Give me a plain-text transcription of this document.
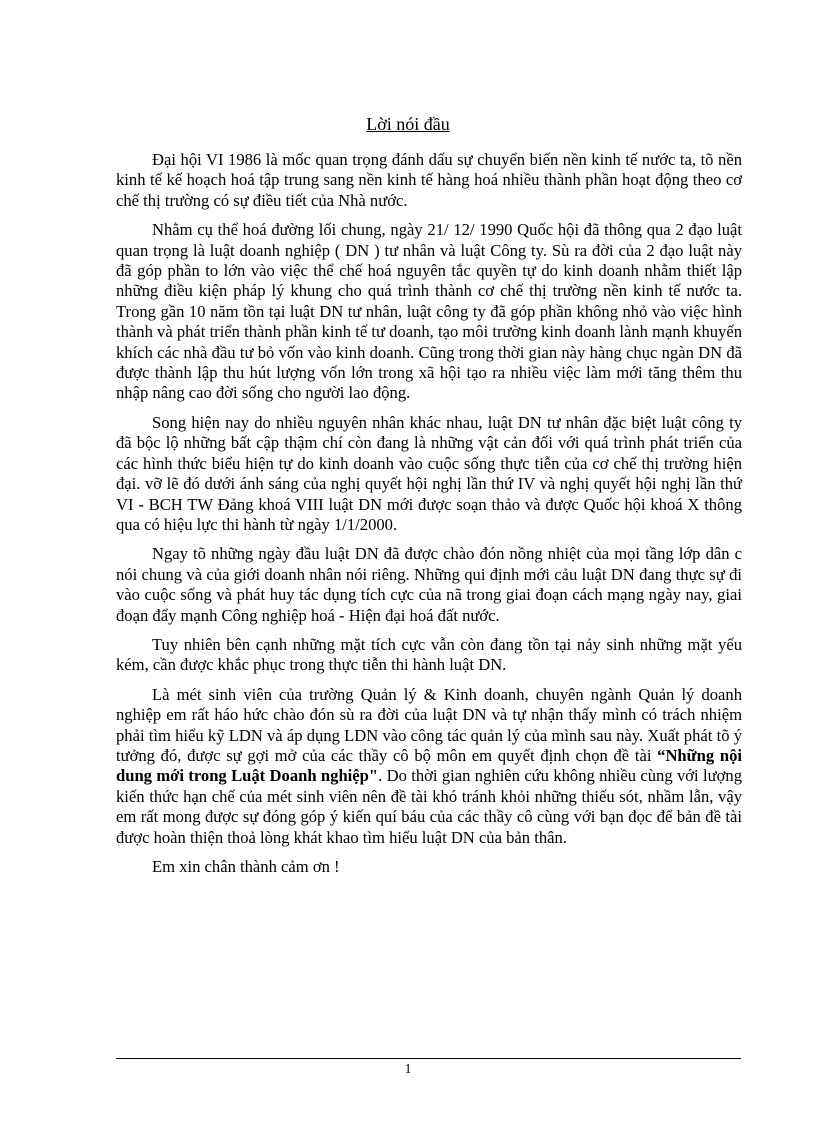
Lời nói đầu

Đại hội VI 1986 là mốc quan trọng đánh dấu sự chuyển biến nền kinh tế nước ta, tõ nền kinh tế kế hoạch hoá tập trung sang nền kinh tế hàng hoá nhiều thành phần hoạt động theo cơ chế thị trường có sự điều tiết của Nhà nước.

Nhằm cụ thể hoá đường lối chung, ngày 21/ 12/ 1990 Quốc hội đã thông qua 2 đạo luật quan trọng là luật doanh nghiệp ( DN ) tư nhân và luật Công ty. Sù ra đời của 2 đạo luật này đã góp phần to lớn vào việc thể chế hoá nguyên tắc quyền tự do kinh doanh nhằm thiết lập những điều kiện pháp lý khung cho quá trình thành cơ chế thị trường nền kinh tế nước ta. Trong gần 10 năm tồn tại luật DN tư nhân, luật công ty đã góp phần không nhỏ vào việc hình thành và phát triển thành phần kinh tế tư doanh, tạo môi trường kinh doanh lành mạnh khuyến khích các nhà đầu tư bỏ vốn vào kinh doanh. Cũng trong thời gian này hàng chục ngàn DN đã được thành lập thu hút lượng vốn lớn trong xã hội tạo ra nhiều việc làm mới tăng thêm thu nhập nâng cao đời sống cho người lao động.

Song hiện nay do nhiều nguyên nhân khác nhau, luật DN tư nhân đặc biệt luật công ty đã bộc lộ những bất cập thậm chí còn đang là những vật cản đối với quá trình phát triển của các hình thức biểu hiện tự do kinh doanh vào cuộc sống thực tiễn của cơ chế thị trường hiện đại. vỡ lẽ đó dưới ánh sáng của nghị quyết hội nghị lần thứ IV và nghị quyết hội nghị lần thứ VI - BCH TW Đảng khoá VIII luật DN mới được soạn thảo và được Quốc hội khoá X thông qua có hiệu lực thi hành từ ngày 1/1/2000.

Ngay tõ những ngày đầu luật DN đã được chào đón nồng nhiệt của mọi tầng lớp dân c nói chung và của giới doanh nhân nói riêng. Những qui định mới cảu luật DN đang thực sự đi vào cuộc sống và phát huy tác dụng tích cực của nã trong giai đoạn cách mạng ngày nay, giai đoạn đẩy mạnh Công nghiệp hoá - Hiện đại hoá đất nước.

Tuy nhiên bên cạnh những mặt tích cực vẫn còn đang tồn tại nảy sinh những mặt yếu kém, cần được khắc phục trong thực tiễn thi hành luật DN.

Là mét sinh viên của trường Quản lý & Kinh doanh, chuyên ngành Quản lý doanh nghiệp em rất háo hức chào đón sù ra đời của luật DN và tự nhận thấy mình có trách nhiệm phải tìm hiểu kỹ LDN và áp dụng LDN vào công tác quản lý của mình sau này. Xuất phát tõ ý tưởng đó, được sự gợi mở của các thầy cô bộ môn em quyết định chọn đề tài “Những nội dung mới trong Luật Doanh nghiệp". Do thời gian nghiên cứu không nhiều cùng với lượng kiến thức hạn chế của mét sinh viên nên đề tài khó tránh khỏi những thiếu sót, nhầm lẫn, vậy em rất mong được sự đóng góp ý kiến quí báu của các thầy cô cùng với bạn đọc để bản đề tài được hoàn thiện thoả lòng khát khao tìm hiểu luật DN của bản thân.

Em xin chân thành cảm ơn !

1
